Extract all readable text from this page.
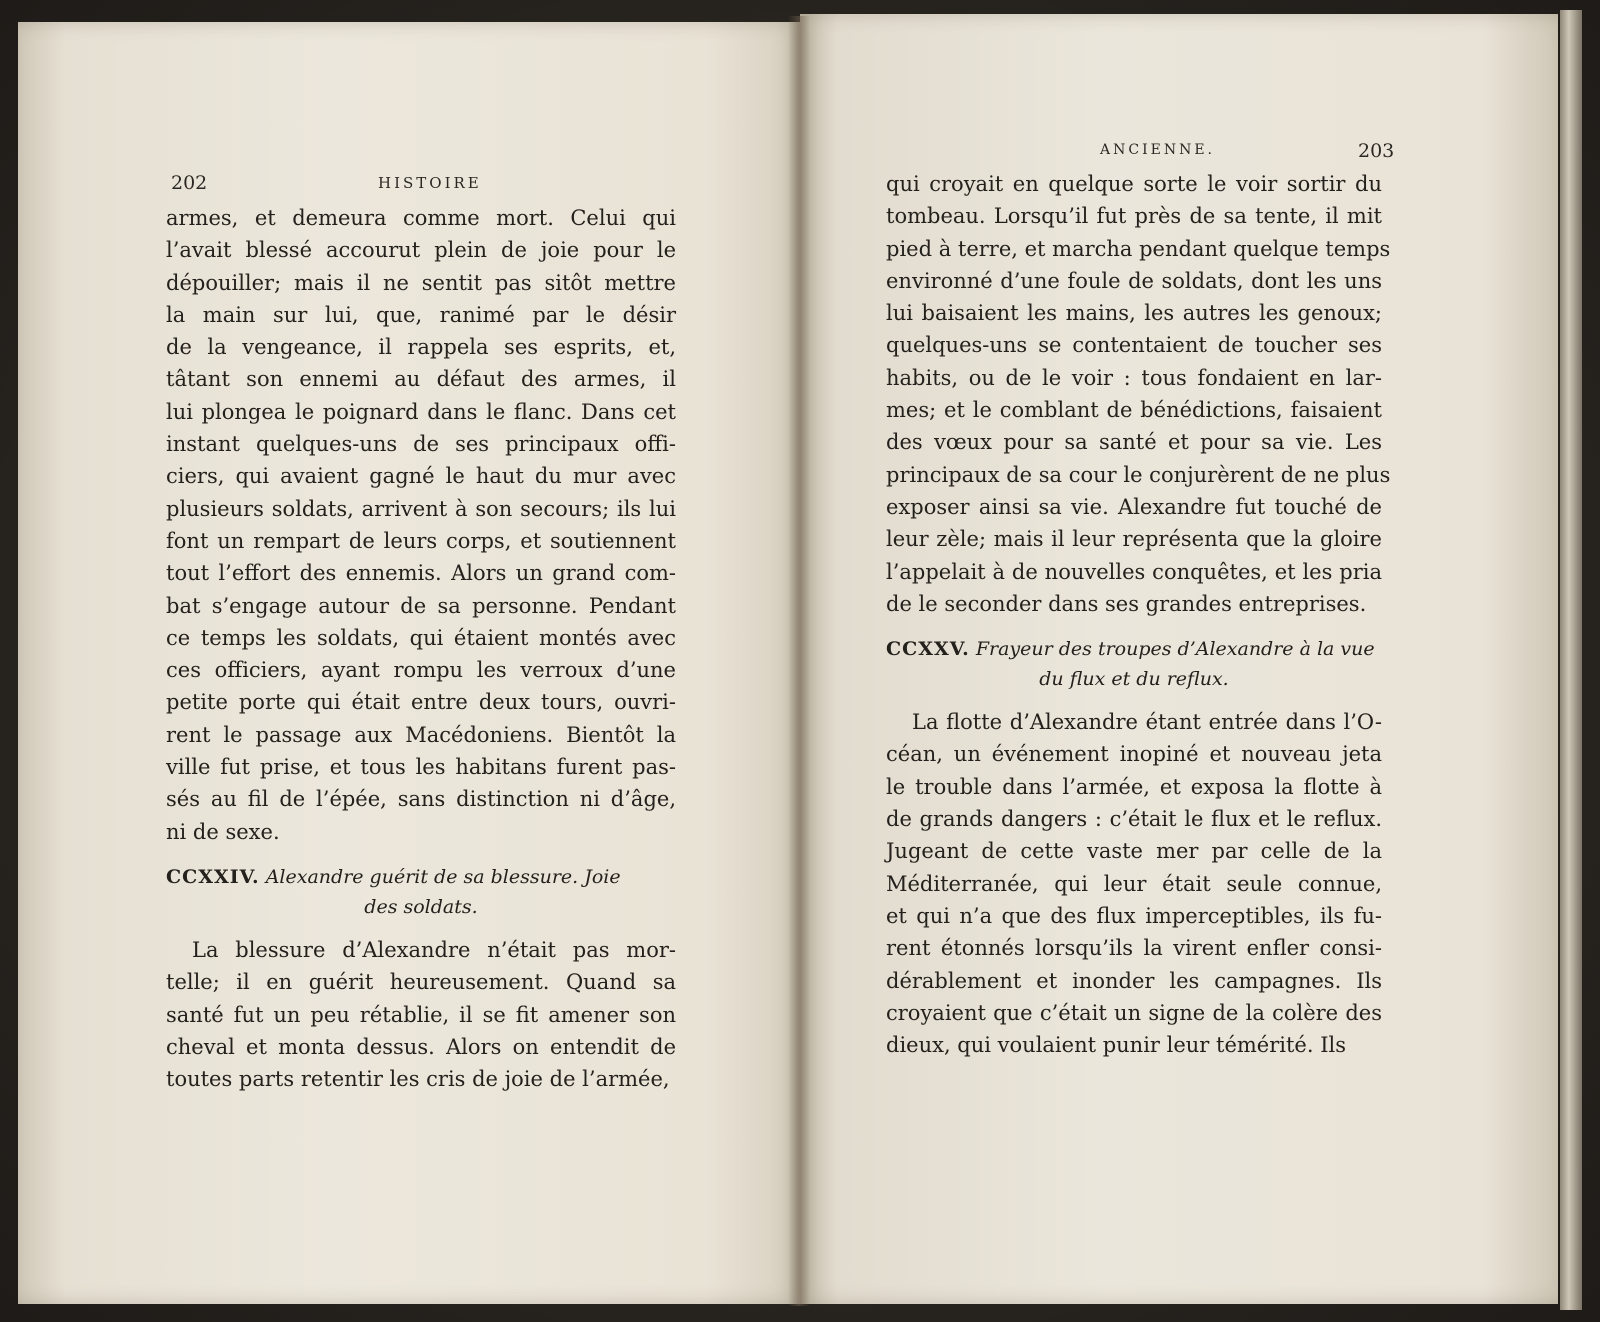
202	HISTOIRE
armes, et demeura comme mort. Celui qui
l’avait blessé accourut plein de joie pour le
dépouiller; mais il ne sentit pas sitôt mettre
la main sur lui, que, ranimé par le désir
de la vengeance, il rappela ses esprits, et,
tâtant son ennemi au défaut des armes, il
lui plongea le poignard dans le flanc. Dans cet
instant quelques-uns de ses principaux offi-
ciers, qui avaient gagné le haut du mur avec
plusieurs soldats, arrivent à son secours; ils lui
font un rempart de leurs corps, et soutiennent
tout l’effort des ennemis. Alors un grand com-
bat s’engage autour de sa personne. Pendant
ce temps les soldats, qui étaient montés avec
ces officiers, ayant rompu les verroux d’une
petite porte qui était entre deux tours, ouvri-
rent le passage aux Macédoniens. Bientôt la
ville fut prise, et tous les habitans furent pas-
sés au fil de l’épée, sans distinction ni d’âge,
ni de sexe.
CCXXIV. Alexandre guérit de sa blessure. Joie
des soldats.
La blessure d’Alexandre n’était pas mor-
telle; il en guérit heureusement. Quand sa
santé fut un peu rétablie, il se fit amener son
cheval et monta dessus. Alors on entendit de
toutes parts retentir les cris de joie de l’armée,
ANCIENNE.	203
qui croyait en quelque sorte le voir sortir du
tombeau. Lorsqu’il fut près de sa tente, il mit
pied à terre, et marcha pendant quelque temps
environné d’une foule de soldats, dont les uns
lui baisaient les mains, les autres les genoux;
quelques-uns se contentaient de toucher ses
habits, ou de le voir : tous fondaient en lar-
mes; et le comblant de bénédictions, faisaient
des vœux pour sa santé et pour sa vie. Les
principaux de sa cour le conjurèrent de ne plus
exposer ainsi sa vie. Alexandre fut touché de
leur zèle; mais il leur représenta que la gloire
l’appelait à de nouvelles conquêtes, et les pria
de le seconder dans ses grandes entreprises.
CCXXV. Frayeur des troupes d’Alexandre à la vue
du flux et du reflux.
La flotte d’Alexandre étant entrée dans l’O-
céan, un événement inopiné et nouveau jeta
le trouble dans l’armée, et exposa la flotte à
de grands dangers : c’était le flux et le reflux.
Jugeant de cette vaste mer par celle de la
Méditerranée, qui leur était seule connue,
et qui n’a que des flux imperceptibles, ils fu-
rent étonnés lorsqu’ils la virent enfler consi-
dérablement et inonder les campagnes. Ils
croyaient que c’était un signe de la colère des
dieux, qui voulaient punir leur témérité. Ils
